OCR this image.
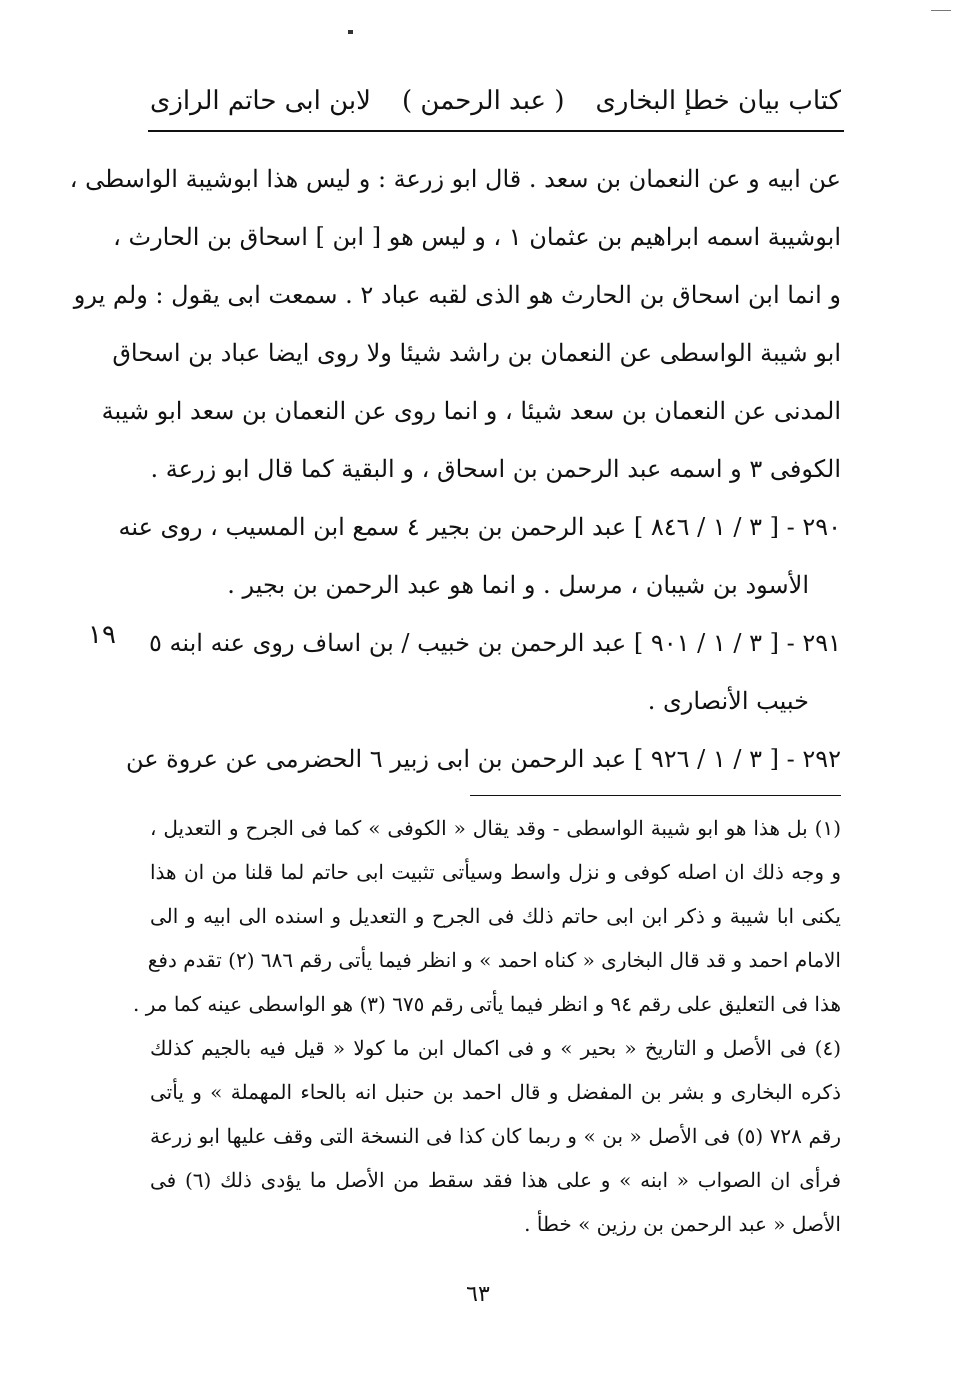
كتاب بيان خطإ البخارى
( عبد الرحمن )
لابن ابى حاتم الرازى
عن ابيه و عن النعمان بن سعد . قال ابو زرعة : و ليس هذا ابوشيبة الواسطى ،
ابوشيبة اسمه ابراهيم بن عثمان ١ ، و ليس هو [ ابن ] اسحاق بن الحارث ،
و انما ابن اسحاق بن الحارث هو الذى لقبه عباد ٢ . سمعت ابى يقول : ولم يرو
ابو شيبة الواسطى عن النعمان بن راشد شيئا ولا روى ايضا عباد بن اسحاق
المدنى عن النعمان بن سعد شيئا ، و انما روى عن النعمان بن سعد ابو شيبة
الكوفى ٣ و اسمه عبد الرحمن بن اسحاق ، و البقية كما قال ابو زرعة .
٢٩٠ - [ ٣ / ١ / ٨٤٦ ] عبد الرحمن بن بجير ٤ سمع ابن المسيب ، روى عنه
الأسود بن شيبان ، مرسل . و انما هو عبد الرحمن بن بجير .
٢٩١ - [ ٣ / ١ / ٩٠١ ] عبد الرحمن بن خبيب / بن اساف روى عنه ابنه ٥
خبيب الأنصارى .
٢٩٢ - [ ٣ / ١ / ٩٢٦ ] عبد الرحمن بن ابى زبير ٦ الحضرمى عن عروة عن
١٩
(١) بل هذا هو ابو شيبة الواسطى - وقد يقال « الكوفى » كما فى الجرح و التعديل ،
و وجه ذلك ان اصله كوفى و نزل واسط وسيأتى تثبيت ابى حاتم لما قلنا من ان هذا
يكنى ابا شيبة و ذكر ابن ابى حاتم ذلك فى الجرح و التعديل و اسنده الى ابيه و الى
الامام احمد و قد قال البخارى « كناه احمد » و انظر فيما يأتى رقم ٦٨٦ (٢) تقدم دفع
هذا فى التعليق على رقم ٩٤ و انظر فيما يأتى رقم ٦٧٥ (٣) هو الواسطى عينه كما مر .
(٤) فى الأصل و التاريخ « بحير » و فى اكمال ابن ما كولا « قيل فيه بالجيم كذلك
ذكره البخارى و بشر بن المفضل و قال احمد بن حنبل انه بالحاء المهملة » و يأتى
رقم ٧٢٨ (٥) فى الأصل « بن » و ربما كان كذا فى النسخة التى وقف عليها ابو زرعة
فرأى ان الصواب « ابنه » و على هذا فقد سقط من الأصل ما يؤدى ذلك (٦) فى
الأصل « عبد الرحمن بن رزين » خطأ .
٦٣
